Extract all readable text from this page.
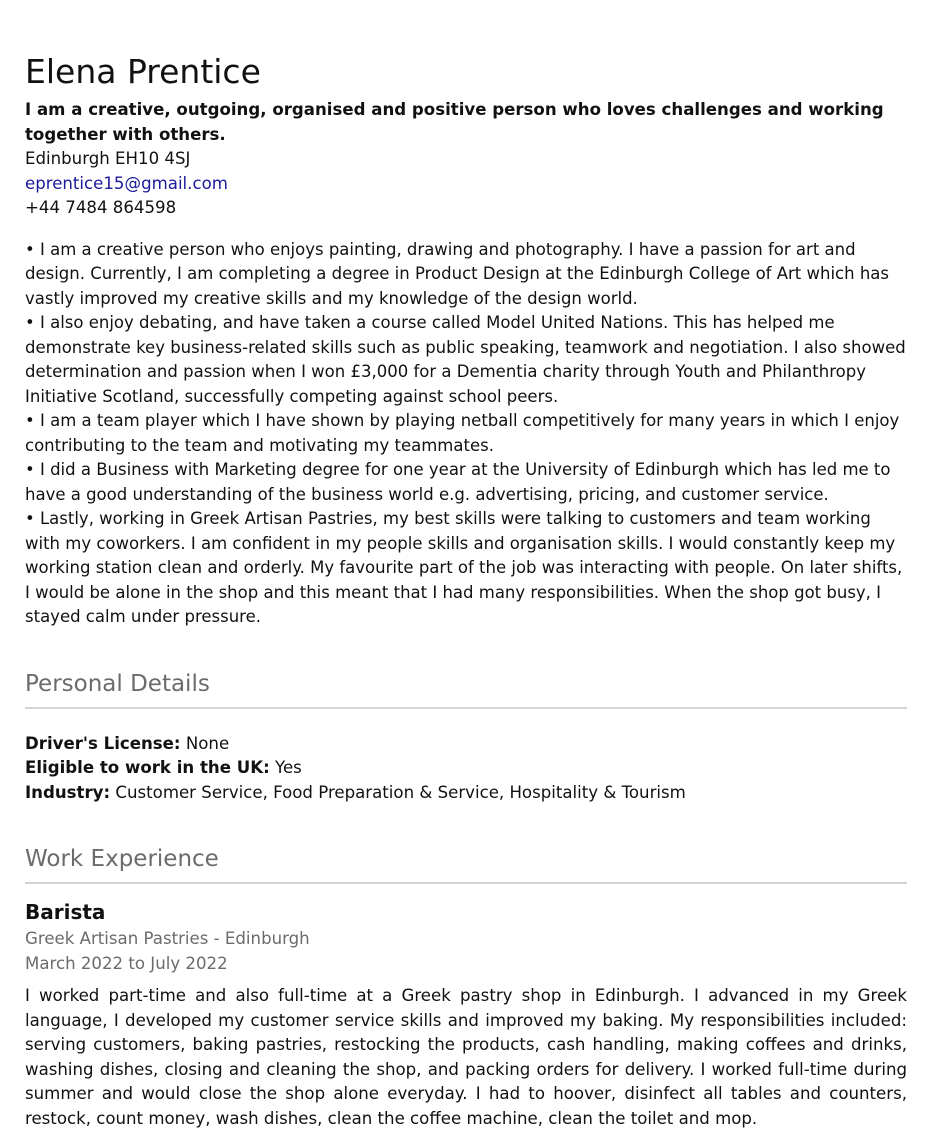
Elena Prentice

I am a creative, outgoing, organised and positive person who loves challenges and working together with others.

Edinburgh EH10 4SJ
eprentice15@gmail.com
+44 7484 864598

• I am a creative person who enjoys painting, drawing and photography. I have a passion for art and design. Currently, I am completing a degree in Product Design at the Edinburgh College of Art which has vastly improved my creative skills and my knowledge of the design world.

• I also enjoy debating, and have taken a course called Model United Nations. This has helped me demonstrate key business-related skills such as public speaking, teamwork and negotiation. I also showed determination and passion when I won £3,000 for a Dementia charity through Youth and Philanthropy Initiative Scotland, successfully competing against school peers.

• I am a team player which I have shown by playing netball competitively for many years in which I enjoy contributing to the team and motivating my teammates.

• I did a Business with Marketing degree for one year at the University of Edinburgh which has led me to have a good understanding of the business world e.g. advertising, pricing, and customer service.

• Lastly, working in Greek Artisan Pastries, my best skills were talking to customers and team working with my coworkers. I am confident in my people skills and organisation skills. I would constantly keep my working station clean and orderly. My favourite part of the job was interacting with people. On later shifts, I would be alone in the shop and this meant that I had many responsibilities. When the shop got busy, I stayed calm under pressure.

Personal Details
Driver's License: None
Eligible to work in the UK: Yes
Industry: Customer Service, Food Preparation & Service, Hospitality & Tourism
Work Experience
Barista
Greek Artisan Pastries - Edinburgh
March 2022 to July 2022
I worked part-time and also full-time at a Greek pastry shop in Edinburgh. I advanced in my Greek language, I developed my customer service skills and improved my baking. My responsibilities included: serving customers, baking pastries, restocking the products, cash handling, making coffees and drinks, washing dishes, closing and cleaning the shop, and packing orders for delivery. I worked full-time during summer and would close the shop alone everyday. I had to hoover, disinfect all tables and counters, restock, count money, wash dishes, clean the coffee machine, clean the toilet and mop.
